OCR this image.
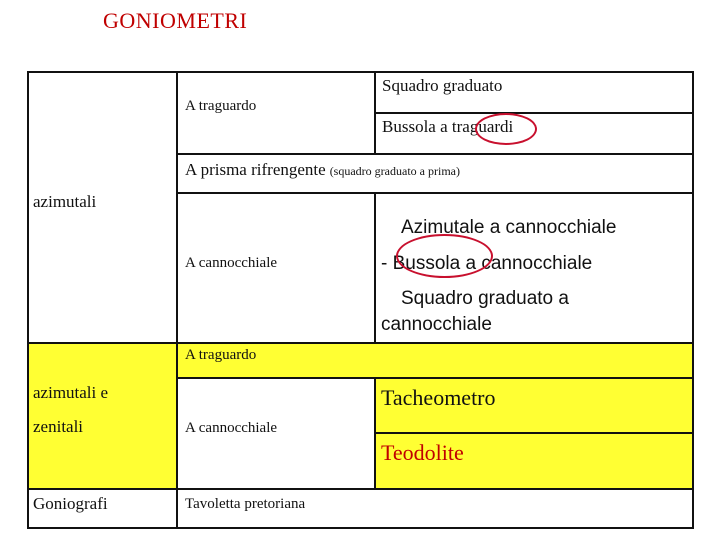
GONIOMETRI
azimutali
A traguardo
Squadro graduato
Bussola a traguardi
A prisma rifrengente (squadro graduato a prima)
A cannocchiale
Azimutale a cannocchiale
- Bussola a cannocchiale
Squadro graduato a
cannocchiale
azimutali e
zenitali
A traguardo
A cannocchiale
Tacheometro
Teodolite
Goniografi	Tavoletta pretoriana
